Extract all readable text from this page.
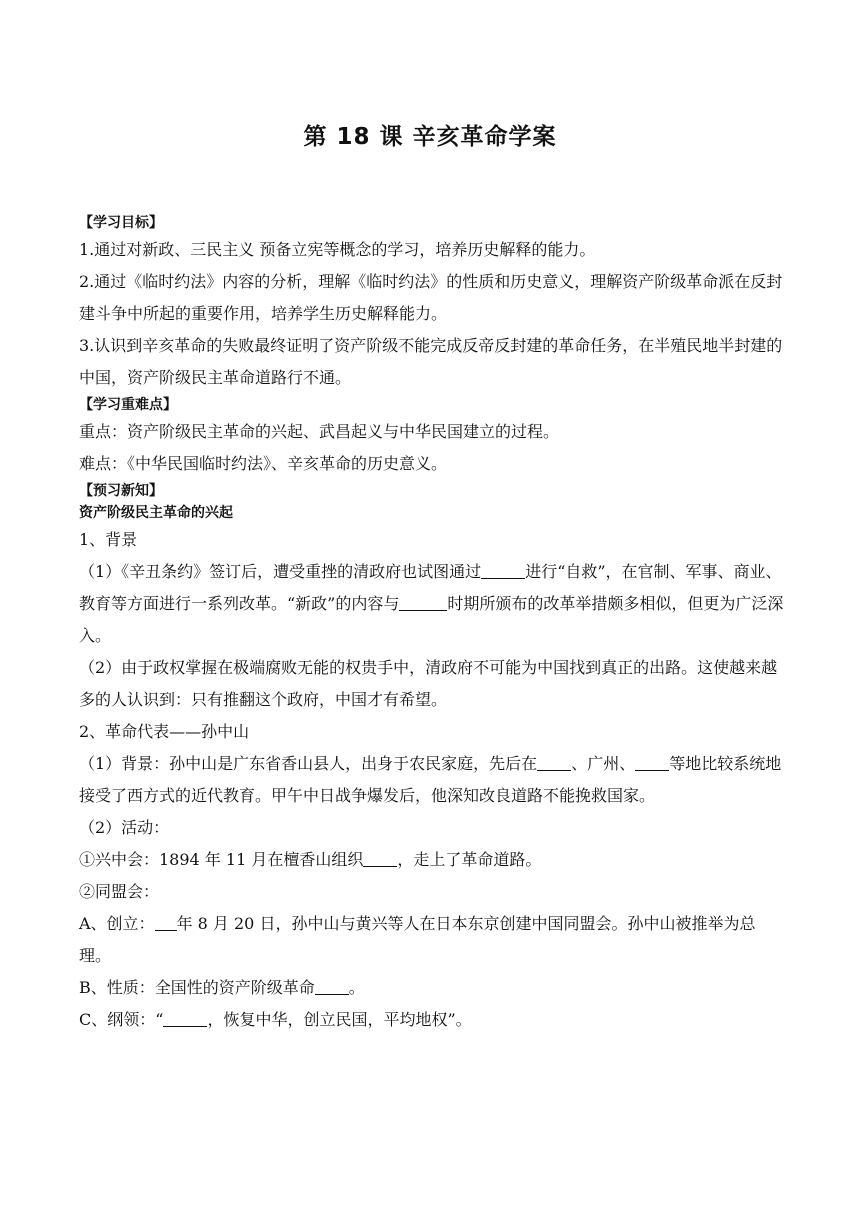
第 18 课 辛亥革命学案
【学习目标】
1.通过对新政、三民主义 预备立宪等概念的学习，培养历史解释的能力。
2.通过《临时约法》内容的分析，理解《临时约法》的性质和历史意义，理解资产阶级革命派在反封建斗争中所起的重要作用，培养学生历史解释能力。
3.认识到辛亥革命的失败最终证明了资产阶级不能完成反帝反封建的革命任务，在半殖民地半封建的中国，资产阶级民主革命道路行不通。
【学习重难点】
重点：资产阶级民主革命的兴起、武昌起义与中华民国建立的过程。
难点：《中华民国临时约法》、辛亥革命的历史意义。
【预习新知】
资产阶级民主革命的兴起
1、背景
（1）《辛丑条约》签订后，遭受重挫的清政府也试图通过	进行“自救”，在官制、军事、商业、教育等方面进行一系列改革。“新政”的内容与	时期所颁布的改革举措颇多相似，但更为广泛深入。
（2）由于政权掌握在极端腐败无能的权贵手中，清政府不可能为中国找到真正的出路。这使越来越多的人认识到：只有推翻这个政府，中国才有希望。
2、革命代表——孙中山
（1）背景：孙中山是广东省香山县人，出身于农民家庭，先后在 、广州、 等地比较系统地接受了西方式的近代教育。甲午中日战争爆发后，他深知改良道路不能挽救国家。
（2）活动：
①兴中会：1894 年 11 月在檀香山组织 ，走上了革命道路。
②同盟会：
A、创立： 年 8 月 20 日，孙中山与黄兴等人在日本东京创建中国同盟会。孙中山被推举为总理。
B、性质：全国性的资产阶级革命 。
C、纲领：“	，恢复中华，创立民国，平均地权”。
